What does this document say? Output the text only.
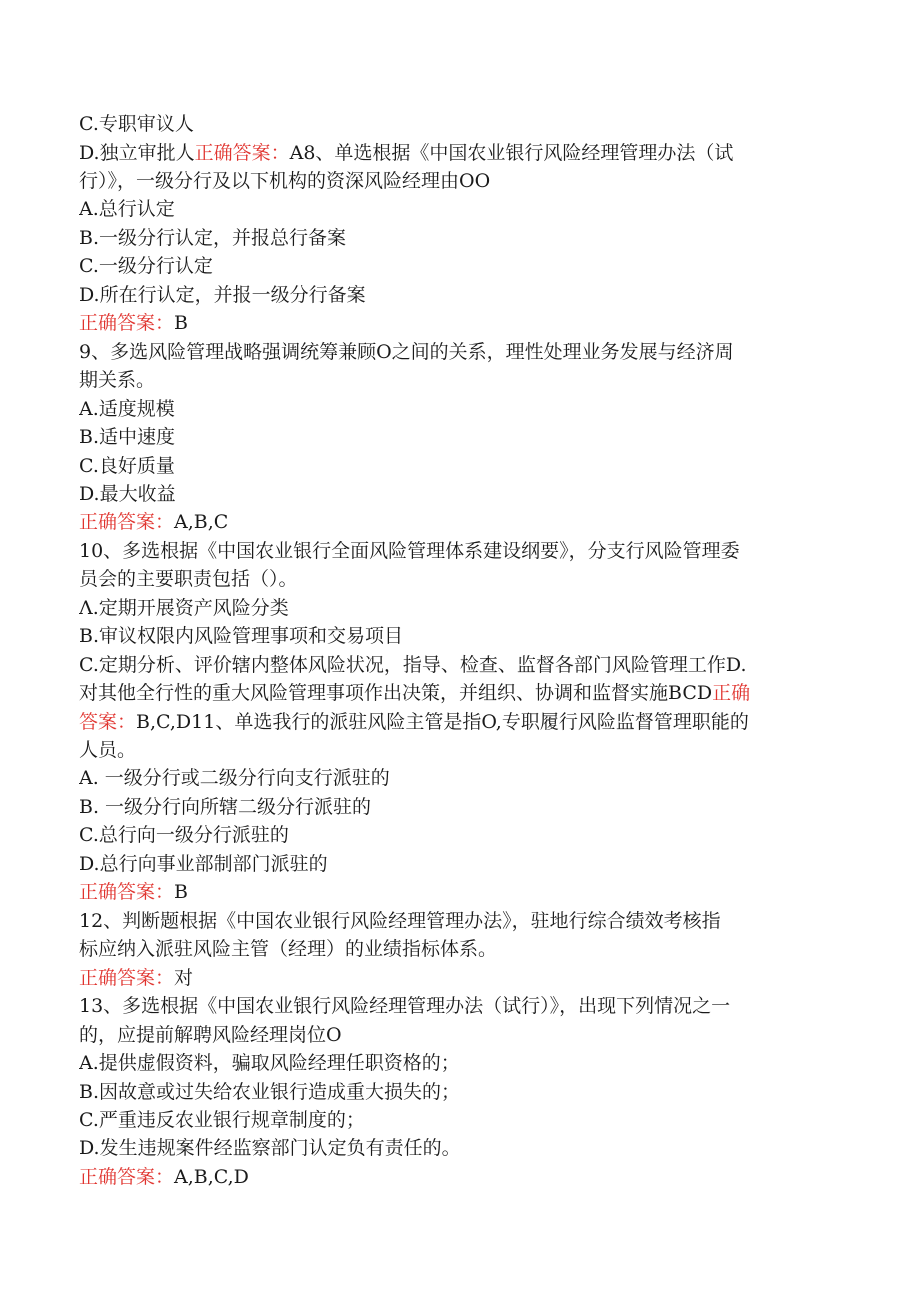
C.专职审议人
D.独立审批人正确答案：A8、单选根据《中国农业银行风险经理管理办法（试
行）》，一级分行及以下机构的资深风险经理由OO
A.总行认定
B.一级分行认定，并报总行备案
C.一级分行认定
D.所在行认定，并报一级分行备案
正确答案：B
9、多选风险管理战略强调统筹兼顾O之间的关系，理性处理业务发展与经济周
期关系。
A.适度规模
B.适中速度
C.良好质量
D.最大收益
正确答案：A,B,C
10、多选根据《中国农业银行全面风险管理体系建设纲要》，分支行风险管理委
员会的主要职责包括（）。
Λ.定期开展资产风险分类
B.审议权限内风险管理事项和交易项目
C.定期分析、评价辖内整体风险状况，指导、检查、监督各部门风险管理工作D.
对其他全行性的重大风险管理事项作出决策，并组织、协调和监督实施BCD正确
答案：B,C,D11、单选我行的派驻风险主管是指O,专职履行风险监督管理职能的
人员。
A. 一级分行或二级分行向支行派驻的
B. 一级分行向所辖二级分行派驻的
C.总行向一级分行派驻的
D.总行向事业部制部门派驻的
正确答案：B
12、判断题根据《中国农业银行风险经理管理办法》，驻地行综合绩效考核指
标应纳入派驻风险主管（经理）的业绩指标体系。
正确答案：对
13、多选根据《中国农业银行风险经理管理办法（试行）》，出现下列情况之一
的，应提前解聘风险经理岗位O
A.提供虚假资料，骗取风险经理任职资格的；
B.因故意或过失给农业银行造成重大损失的；
C.严重违反农业银行规章制度的；
D.发生违规案件经监察部门认定负有责任的。
正确答案：A,B,C,D
